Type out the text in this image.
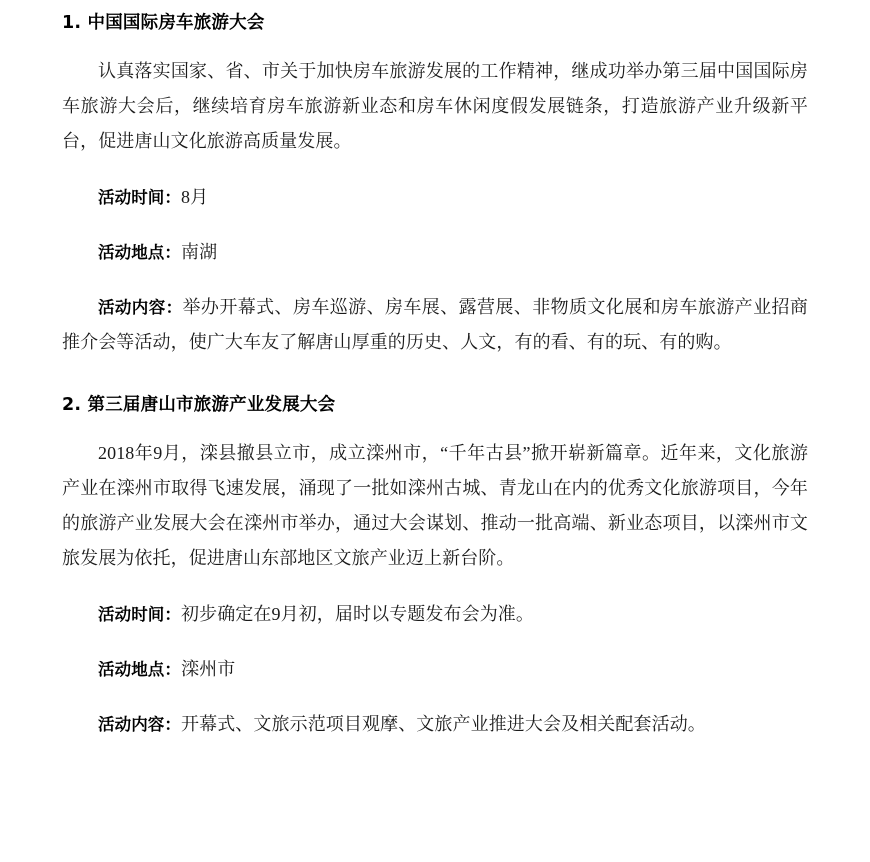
1. 中国国际房车旅游大会

认真落实国家、省、市关于加快房车旅游发展的工作精神，继成功举办第三届中国国际房车旅游大会后，继续培育房车旅游新业态和房车休闲度假发展链条，打造旅游产业升级新平台，促进唐山文化旅游高质量发展。

活动时间：8月

活动地点：南湖

活动内容：举办开幕式、房车巡游、房车展、露营展、非物质文化展和房车旅游产业招商推介会等活动，使广大车友了解唐山厚重的历史、人文，有的看、有的玩、有的购。

2. 第三届唐山市旅游产业发展大会

2018年9月，滦县撤县立市，成立滦州市，“千年古县”掀开崭新篇章。近年来，文化旅游产业在滦州市取得飞速发展，涌现了一批如滦州古城、青龙山在内的优秀文化旅游项目，今年的旅游产业发展大会在滦州市举办，通过大会谋划、推动一批高端、新业态项目，以滦州市文旅发展为依托，促进唐山东部地区文旅产业迈上新台阶。

活动时间：初步确定在9月初，届时以专题发布会为准。

活动地点：滦州市

活动内容：开幕式、文旅示范项目观摩、文旅产业推进大会及相关配套活动。
